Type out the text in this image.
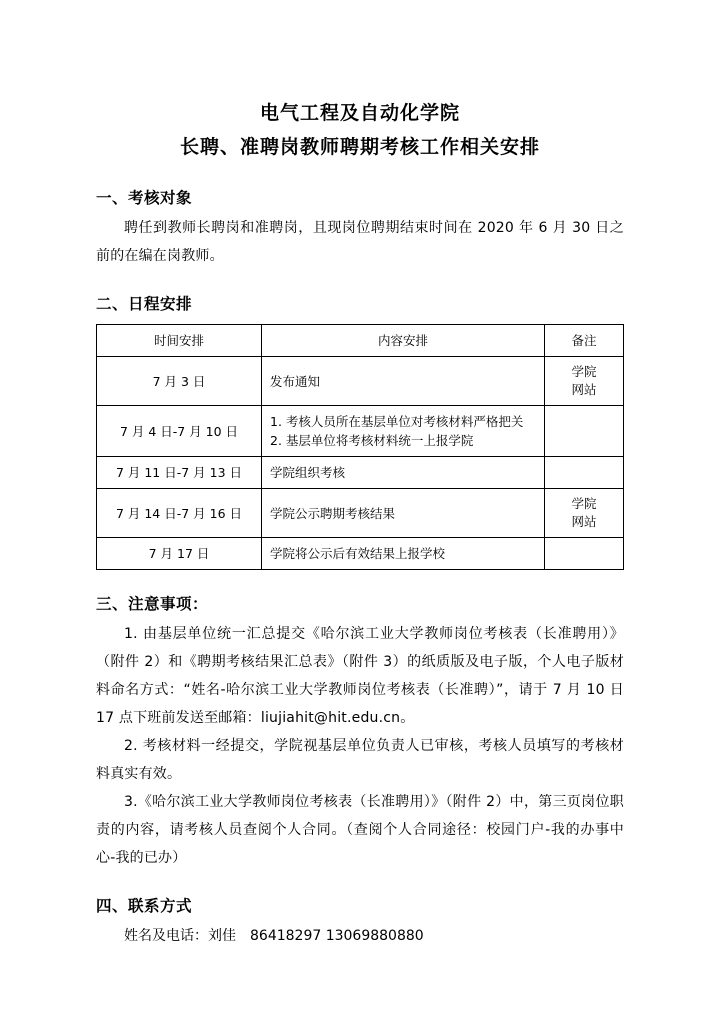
电气工程及自动化学院
长聘、准聘岗教师聘期考核工作相关安排
一、考核对象
聘任到教师长聘岗和准聘岗，且现岗位聘期结束时间在 2020 年 6 月 30 日之前的在编在岗教师。
二、日程安排
时间安排	内容安排	备注
7 月 3 日	发布通知	学院
网站

7 月 4 日-7 月 10 日	1. 考核人员所在基层单位对考核材料严格把关
2. 基层单位将考核材料统一上报学院	

7 月 11 日-7 月 13 日	学院组织考核	
7 月 14 日-7 月 16 日	学院公示聘期考核结果	学院
网站

7 月 17 日	学院将公示后有效结果上报学校	
三、注意事项：
1. 由基层单位统一汇总提交《哈尔滨工业大学教师岗位考核表（长准聘用）》（附件 2）和《聘期考核结果汇总表》（附件 3）的纸质版及电子版，个人电子版材料命名方式：“姓名-哈尔滨工业大学教师岗位考核表（长准聘）”，请于 7 月 10 日 17 点下班前发送至邮箱：liujiahit@hit.edu.cn。
2. 考核材料一经提交，学院视基层单位负责人已审核，考核人员填写的考核材料真实有效。
3.《哈尔滨工业大学教师岗位考核表（长准聘用）》（附件 2）中，第三页岗位职责的内容，请考核人员查阅个人合同。（查阅个人合同途径：校园门户-我的办事中心-我的已办）
四、联系方式
姓名及电话：刘佳　86418297 13069880880
